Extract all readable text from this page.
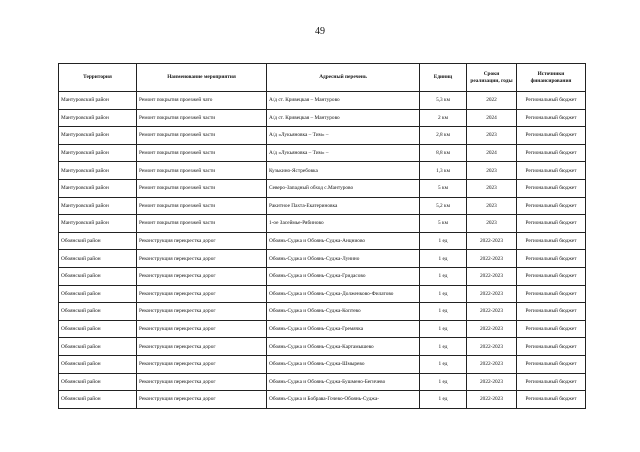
49
Территория	Наименование мероприятия	Адресный перечень	Единиц	Сроки реализации, годы	Источники финансирования
Мантуровский район	Ремонт покрытия проезжей чато	А/д ст. Кривецкая – Мантурово	5,3 км	2022	Региональный бюджет
Мантуровский район	Ремонт покрытия проезжей части	А/д ст. Кривецкая – Мантурово	2 км	2024	Региональный бюджет
Мантуровский район	Ремонт покрытия проезжей части	А/д «Лукьяновка – Тим» –	2,8 км	2023	Региональный бюджет
Мантуровский район	Ремонт покрытия проезжей части	А/д «Лукьяновка – Тим» –	8,8 км	2024	Региональный бюджет
Мантуровский район	Ремонт покрытия проезжей части	Кузькино-Ястребовка	1,3 км	2023	Региональный бюджет
Мантуровский район	Ремонт покрытия проезжей части	Северо-Западный обход с.Мантурово	5 км	2023	Региональный бюджет
Мантуровский район	Ремонт покрытия проезжей части	Ракитное Пахта-Екатериновка	5,2 км	2023	Региональный бюджет
Мантуровский район	Ремонт покрытия проезжей части	1-ое Засеймье-Рябиново	5 км	2023	Региональный бюджет
Обоянский район	Реконструкция перекрестка дорог	Обоянь-Суджа и Обоянь-Суджа-Анцниово	1 ед	2022-2023	Региональный бюджет
Обоянский район	Реконструкция перекрестка дорог	Обоянь-Суджа и Обоянь-Суджа-Лунино	1 ед	2022-2023	Региональный бюджет
Обоянский район	Реконструкция перекрестка дорог	Обоянь-Суджа и Обоянь-Суджа-Гридасово	1 ед	2022-2023	Региональный бюджет
Обоянский район	Реконструкция перекрестка дорог	Обоянь-Суджа и Обоянь-Суджа-Долженково-Филатово	1 ед	2022-2023	Региональный бюджет
Обоянский район	Реконструкция перекрестка дорог	Обоянь-Суджа и Обоянь-Суджа-Коптево	1 ед	2022-2023	Региональный бюджет
Обоянский район	Реконструкция перекрестка дорог	Обоянь-Суджа и Обоянь-Суджа-Гремячка	1 ед	2022-2023	Региональный бюджет
Обоянский район	Реконструкция перекрестка дорог	Обоянь-Суджа и Обоянь-Суджа-Картамышево	1 ед	2022-2023	Региональный бюджет
Обоянский район	Реконструкция перекрестка дорог	Обоянь-Суджа и Обоянь-Суджа-Шмырево	1 ед	2022-2023	Региональный бюджет
Обоянский район	Реконструкция перекрестка дорог	Обоянь-Суджа и Обоянь-Суджа-Бушмено-Бегичево	1 ед	2022-2023	Региональный бюджет
Обоянский район	Реконструкция перекрестка дорог	Обоянь-Суджа и Бобрава-Гочево-Обоянь-Суджа-	1 ед	2022-2023	Региональный бюджет
